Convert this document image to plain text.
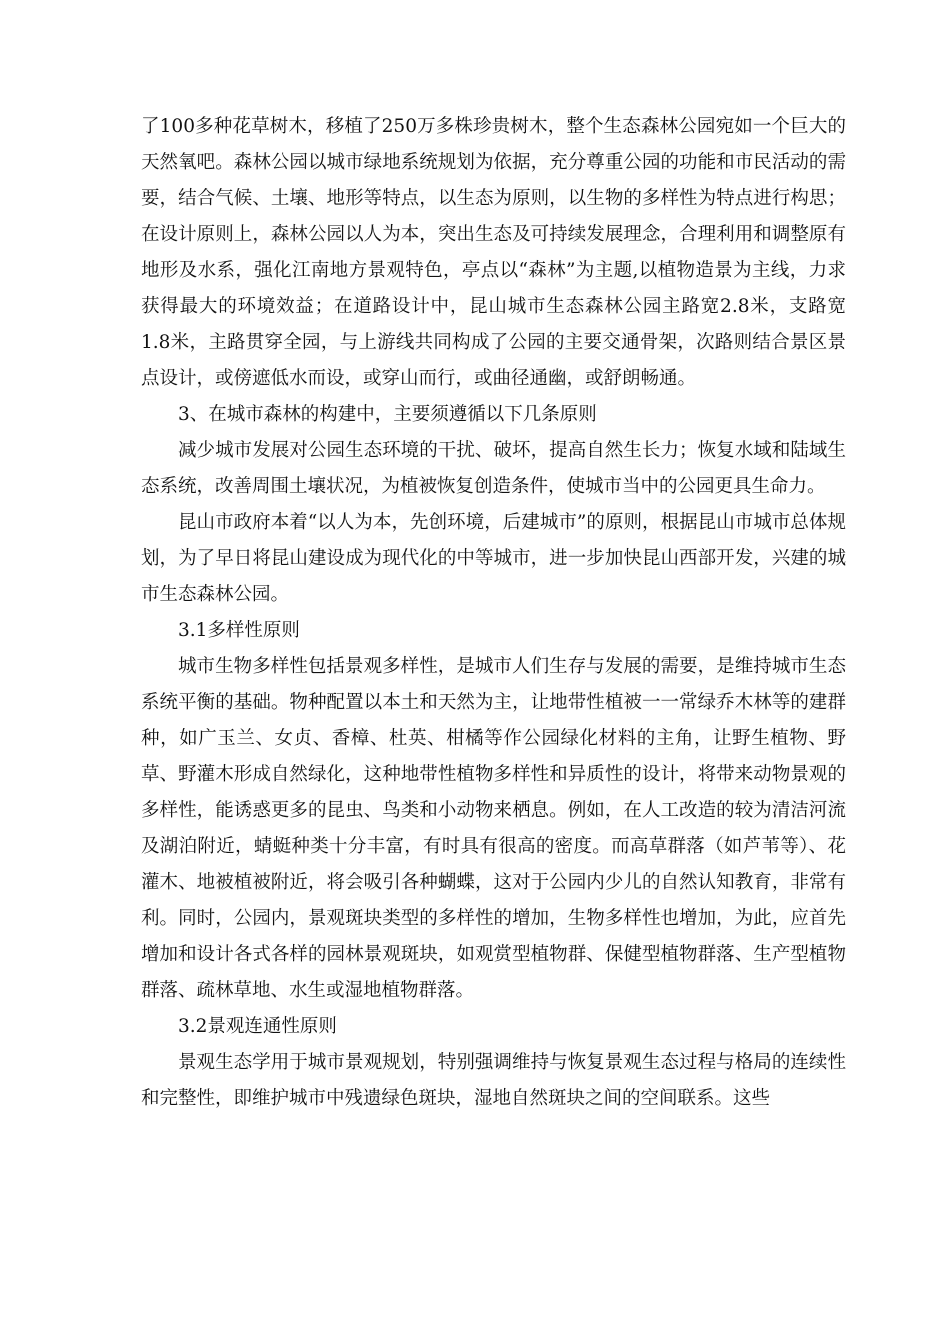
了100多种花草树木，移植了250万多株珍贵树木，整个生态森林公园宛如一个巨大的天然氧吧。森林公园以城市绿地系统规划为依据，充分尊重公园的功能和市民活动的需要，结合气候、土壤、地形等特点，以生态为原则，以生物的多样性为特点进行构思；在设计原则上，森林公园以人为本，突出生态及可持续发展理念，合理利用和调整原有地形及水系，强化江南地方景观特色，亭点以“森林”为主题,以植物造景为主线，力求获得最大的环境效益；在道路设计中，昆山城市生态森林公园主路宽2.8米，支路宽1.8米，主路贯穿全园，与上游线共同构成了公园的主要交通骨架，次路则结合景区景点设计，或傍遮低水而设，或穿山而行，或曲径通幽，或舒朗畅通。

3、在城市森林的构建中，主要须遵循以下几条原则

减少城市发展对公园生态环境的干扰、破坏，提高自然生长力；恢复水域和陆域生态系统，改善周围土壤状况，为植被恢复创造条件，使城市当中的公园更具生命力。

昆山市政府本着“以人为本，先创环境，后建城市”的原则，根据昆山市城市总体规划，为了早日将昆山建设成为现代化的中等城市，进一步加快昆山西部开发，兴建的城市生态森林公园。

3.1多样性原则

城市生物多样性包括景观多样性，是城市人们生存与发展的需要，是维持城市生态系统平衡的基础。物种配置以本土和天然为主，让地带性植被一一常绿乔木林等的建群种，如广玉兰、女贞、香樟、杜英、柑橘等作公园绿化材料的主角，让野生植物、野草、野灌木形成自然绿化，这种地带性植物多样性和异质性的设计，将带来动物景观的多样性，能诱惑更多的昆虫、鸟类和小动物来栖息。例如，在人工改造的较为清洁河流及湖泊附近，蜻蜓种类十分丰富，有时具有很高的密度。而高草群落（如芦苇等）、花灌木、地被植被附近，将会吸引各种蝴蝶，这对于公园内少儿的自然认知教育，非常有利。同时，公园内，景观斑块类型的多样性的增加，生物多样性也增加，为此，应首先增加和设计各式各样的园林景观斑块，如观赏型植物群、保健型植物群落、生产型植物群落、疏林草地、水生或湿地植物群落。

3.2景观连通性原则

景观生态学用于城市景观规划，特别强调维持与恢复景观生态过程与格局的连续性和完整性，即维护城市中残遗绿色斑块，湿地自然斑块之间的空间联系。这些
